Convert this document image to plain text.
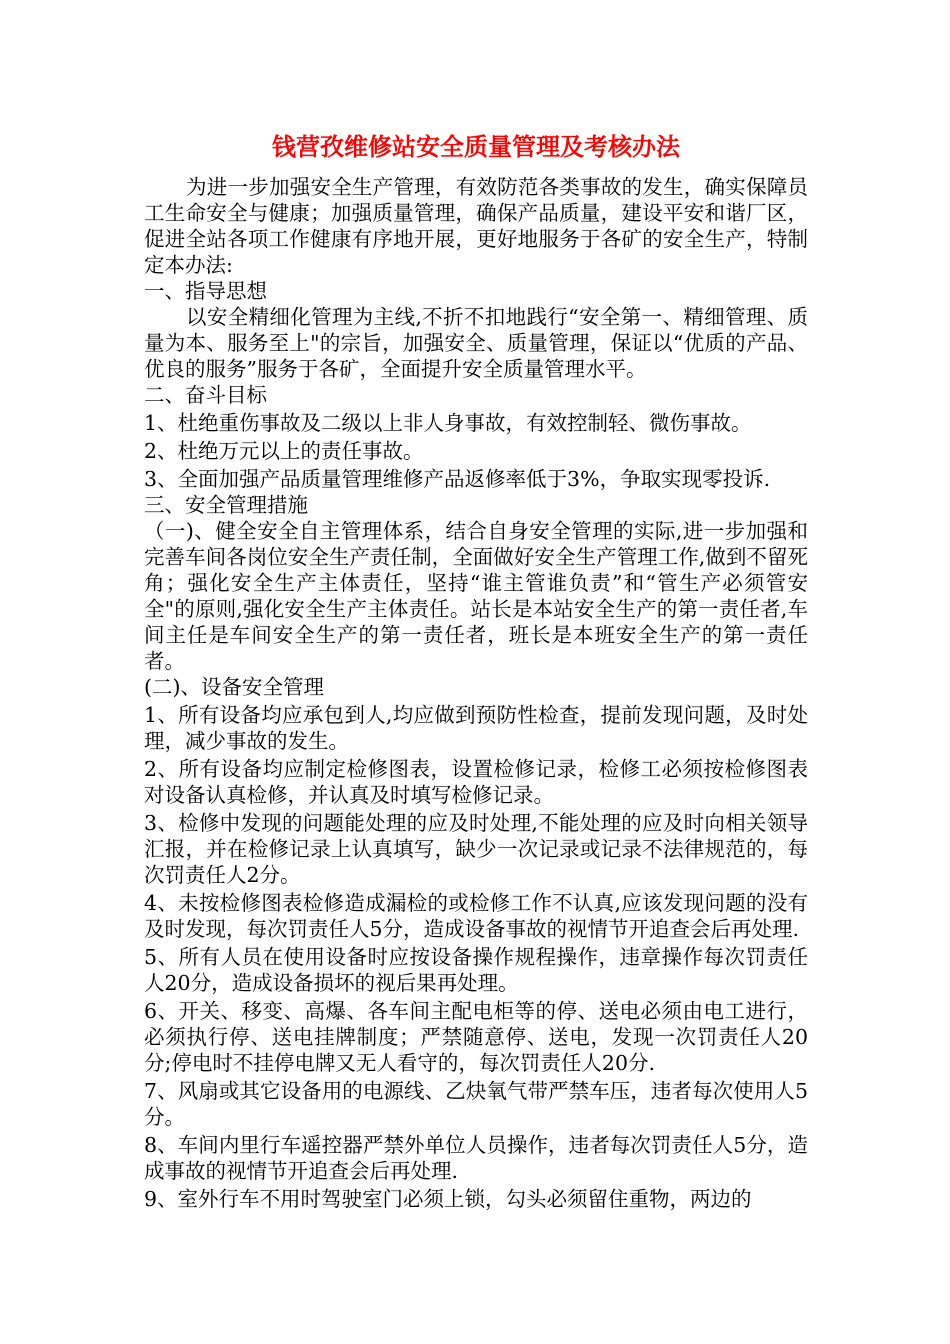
钱营孜维修站安全质量管理及考核办法

为进一步加强安全生产管理，有效防范各类事故的发生，确实保障员工生命安全与健康；加强质量管理，确保产品质量，建设平安和谐厂区，促进全站各项工作健康有序地开展，更好地服务于各矿的安全生产，特制定本办法:

一、指导思想

以安全精细化管理为主线,不折不扣地践行“安全第一、精细管理、质量为本、服务至上"的宗旨，加强安全、质量管理，保证以“优质的产品、优良的服务”服务于各矿，全面提升安全质量管理水平。

二、奋斗目标

1、杜绝重伤事故及二级以上非人身事故，有效控制轻、微伤事故。

2、杜绝万元以上的责任事故。

3、全面加强产品质量管理维修产品返修率低于3%，争取实现零投诉.

三、安全管理措施

（一)、健全安全自主管理体系，结合自身安全管理的实际,进一步加强和完善车间各岗位安全生产责任制，全面做好安全生产管理工作,做到不留死角；强化安全生产主体责任，坚持“谁主管谁负责”和“管生产必须管安全"的原则,强化安全生产主体责任。站长是本站安全生产的第一责任者,车间主任是车间安全生产的第一责任者，班长是本班安全生产的第一责任者。

(二)、设备安全管理

1、所有设备均应承包到人,均应做到预防性检查，提前发现问题，及时处理，减少事故的发生。

2、所有设备均应制定检修图表，设置检修记录，检修工必须按检修图表对设备认真检修，并认真及时填写检修记录。

3、检修中发现的问题能处理的应及时处理,不能处理的应及时向相关领导汇报，并在检修记录上认真填写，缺少一次记录或记录不法律规范的，每次罚责任人2分。

4、未按检修图表检修造成漏检的或检修工作不认真,应该发现问题的没有及时发现，每次罚责任人5分，造成设备事故的视情节开追查会后再处理.

5、所有人员在使用设备时应按设备操作规程操作，违章操作每次罚责任人20分，造成设备损坏的视后果再处理。

6、开关、移变、高爆、各车间主配电柜等的停、送电必须由电工进行，必须执行停、送电挂牌制度；严禁随意停、送电，发现一次罚责任人20分;停电时不挂停电牌又无人看守的，每次罚责任人20分.

7、风扇或其它设备用的电源线、乙炔氧气带严禁车压，违者每次使用人5分。

8、车间内里行车遥控器严禁外单位人员操作，违者每次罚责任人5分，造成事故的视情节开追查会后再处理.

9、室外行车不用时驾驶室门必须上锁，勾头必须留住重物，两边的
